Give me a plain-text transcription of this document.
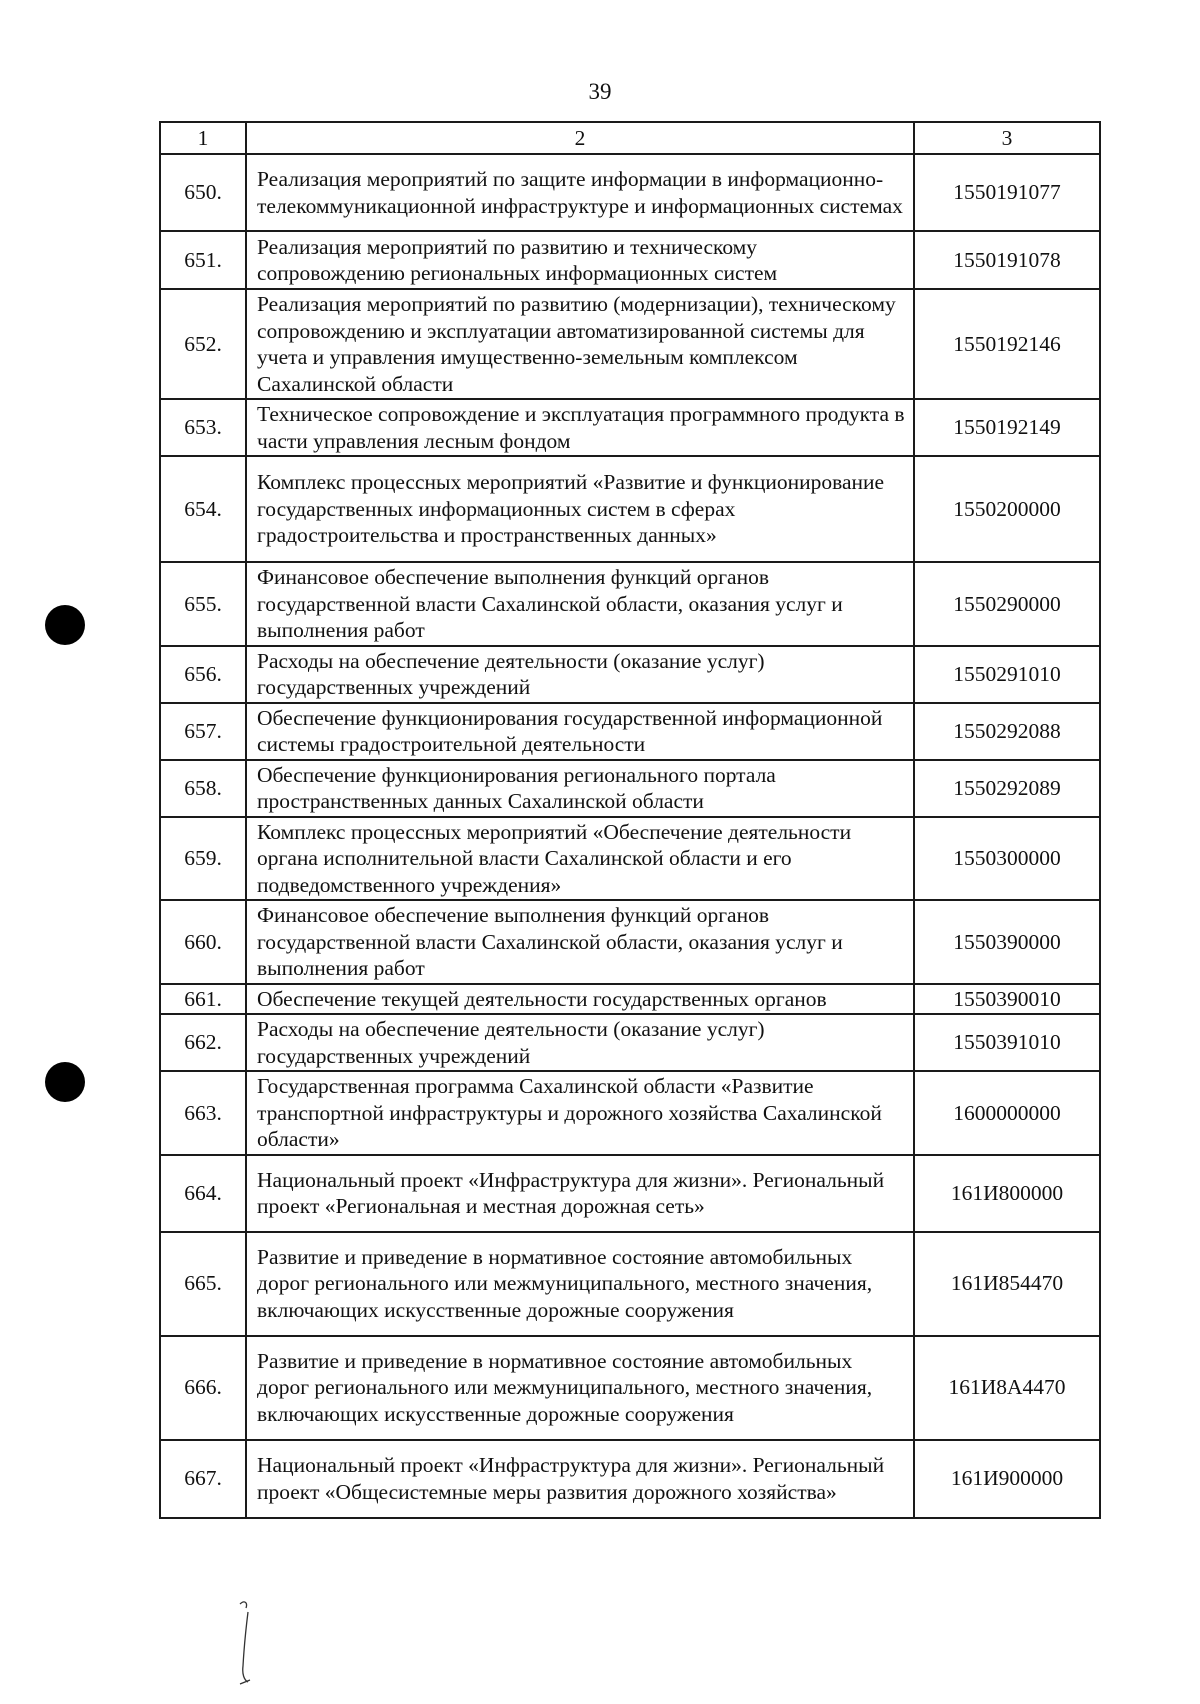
39
1	2	3
650.	Реализация мероприятий по защите информации в информационно-телекоммуникационной инфраструктуре и информационных системах	1550191077
651.	Реализация мероприятий по развитию и техническому сопровождению региональных информационных систем	1550191078
652.	Реализация мероприятий по развитию (модернизации), техническому сопровождению и эксплуатации автоматизированной системы для учета и управления имущественно-земельным комплексом Сахалинской области	1550192146
653.	Техническое сопровождение и эксплуатация программного продукта в части управления лесным фондом	1550192149
654.	Комплекс процессных мероприятий «Развитие и функционирование государственных информационных систем в сферах градостроительства и пространственных данных»	1550200000
655.	Финансовое обеспечение выполнения функций органов государственной власти Сахалинской области, оказания услуг и выполнения работ	1550290000
656.	Расходы на обеспечение деятельности (оказание услуг) государственных учреждений	1550291010
657.	Обеспечение функционирования государственной информационной системы градостроительной деятельности	1550292088
658.	Обеспечение функционирования регионального портала пространственных данных Сахалинской области	1550292089
659.	Комплекс процессных мероприятий «Обеспечение деятельности органа исполнительной власти Сахалинской области и его подведомственного учреждения»	1550300000
660.	Финансовое обеспечение выполнения функций органов государственной власти Сахалинской области, оказания услуг и выполнения работ	1550390000
661.	Обеспечение текущей деятельности государственных органов	1550390010
662.	Расходы на обеспечение деятельности (оказание услуг) государственных учреждений	1550391010
663.	Государственная программа Сахалинской области «Развитие транспортной инфраструктуры и дорожного хозяйства Сахалинской области»	1600000000
664.	Национальный проект «Инфраструктура для жизни». Региональный проект «Региональная и местная дорожная сеть»	161И800000
665.	Развитие и приведение в нормативное состояние автомобильных дорог регионального или межмуниципального, местного значения, включающих искусственные дорожные сооружения	161И854470
666.	Развитие и приведение в нормативное состояние автомобильных дорог регионального или межмуниципального, местного значения, включающих искусственные дорожные сооружения	161И8А4470
667.	Национальный проект «Инфраструктура для жизни». Региональный проект «Общесистемные меры развития дорожного хозяйства»	161И900000
